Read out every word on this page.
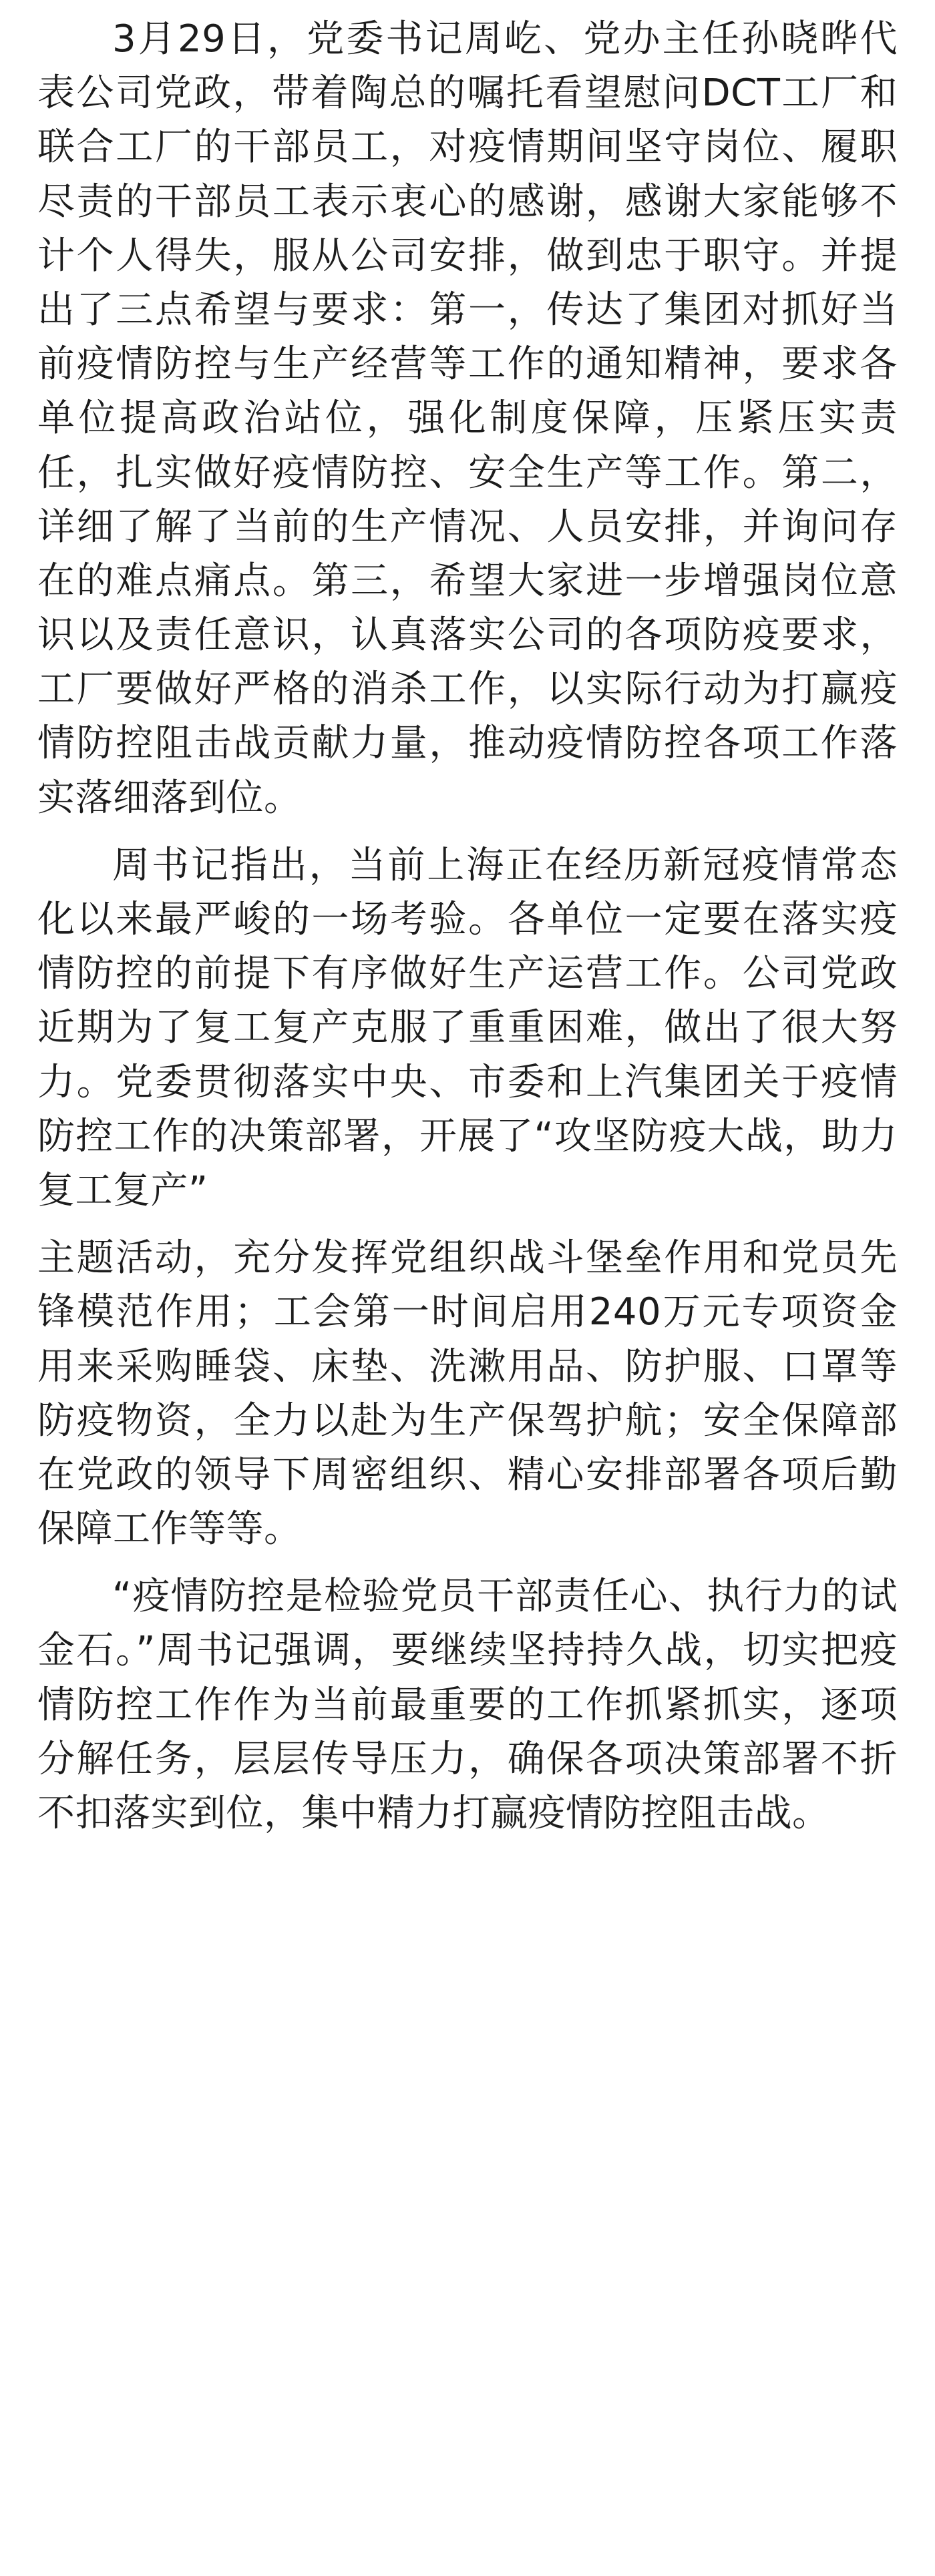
3月29日，党委书记周屹、党办主任孙晓晔代表公司党政，带着陶总的嘱托看望慰问DCT工厂和联合工厂的干部员工，对疫情期间坚守岗位、履职尽责的干部员工表示衷心的感谢，感谢大家能够不计个人得失，服从公司安排，做到忠于职守。并提出了三点希望与要求：第一，传达了集团对抓好当前疫情防控与生产经营等工作的通知精神，要求各单位提高政治站位，强化制度保障，压紧压实责任，扎实做好疫情防控、安全生产等工作。第二，详细了解了当前的生产情况、人员安排，并询问存在的难点痛点。第三，希望大家进一步增强岗位意识以及责任意识，认真落实公司的各项防疫要求，工厂要做好严格的消杀工作，以实际行动为打赢疫情防控阻击战贡献力量，推动疫情防控各项工作落实落细落到位。

周书记指出，当前上海正在经历新冠疫情常态化以来最严峻的一场考验。各单位一定要在落实疫情防控的前提下有序做好生产运营工作。公司党政近期为了复工复产克服了重重困难，做出了很大努力。党委贯彻落实中央、市委和上汽集团关于疫情防控工作的决策部署，开展了“攻坚防疫大战，助力复工复产”

主题活动，充分发挥党组织战斗堡垒作用和党员先锋模范作用；工会第一时间启用240万元专项资金用来采购睡袋、床垫、洗漱用品、防护服、口罩等防疫物资，全力以赴为生产保驾护航；安全保障部在党政的领导下周密组织、精心安排部署各项后勤保障工作等等。

“疫情防控是检验党员干部责任心、执行力的试金石。”周书记强调，要继续坚持持久战，切实把疫情防控工作作为当前最重要的工作抓紧抓实，逐项分解任务，层层传导压力，确保各项决策部署不折不扣落实到位，集中精力打赢疫情防控阻击战。
